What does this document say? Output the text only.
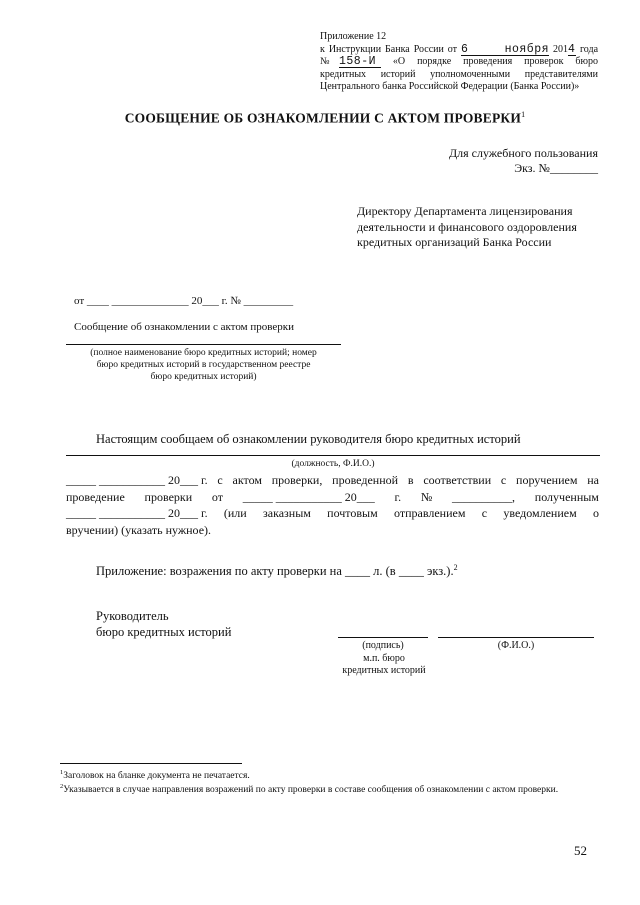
Приложение 12
к Инструкции Банка России от 6 ноября 2014 года
№158-И «О порядке проведения проверок бюро
кредитных историй уполномоченными представителями
Центрального банка Российской Федерации (Банка России)»
СООБЩЕНИЕ ОБ ОЗНАКОМЛЕНИИ С АКТОМ ПРОВЕРКИ$^1$
Для служебного пользования
Экз. №________
Директору Департамента лицензирования
деятельности и финансового оздоровления
кредитных организаций Банка России
от ____ ______________ 20___ г. № _________
Сообщение об ознакомлении с актом проверки
(полное наименование бюро кредитных историй; номер
бюро кредитных историй в государственном реестре
бюро кредитных историй)
Настоящим сообщаем об ознакомлении руководителя бюро кредитных историй
(должность, Ф.И.О.)
_____ ___________ 20___ г. с актом проверки, проведенной в соответствии с поручением на
проведение проверки от _____ ___________ 20___ г. № __________, полученным
_____ ___________ 20___ г. (или заказным почтовым отправлением с уведомлением о
вручении) (указать нужное).
Приложение: возражения по акту проверки на ____ л. (в ____ экз.).$^2$
Руководитель
бюро кредитных историй
(подпись)	(Ф.И.О.)
м.п. бюро
кредитных историй
$^1$Заголовок на бланке документа не печатается.
$^2$Указывается в случае направления возражений по акту проверки в составе сообщения об ознакомлении с актом проверки.
52
